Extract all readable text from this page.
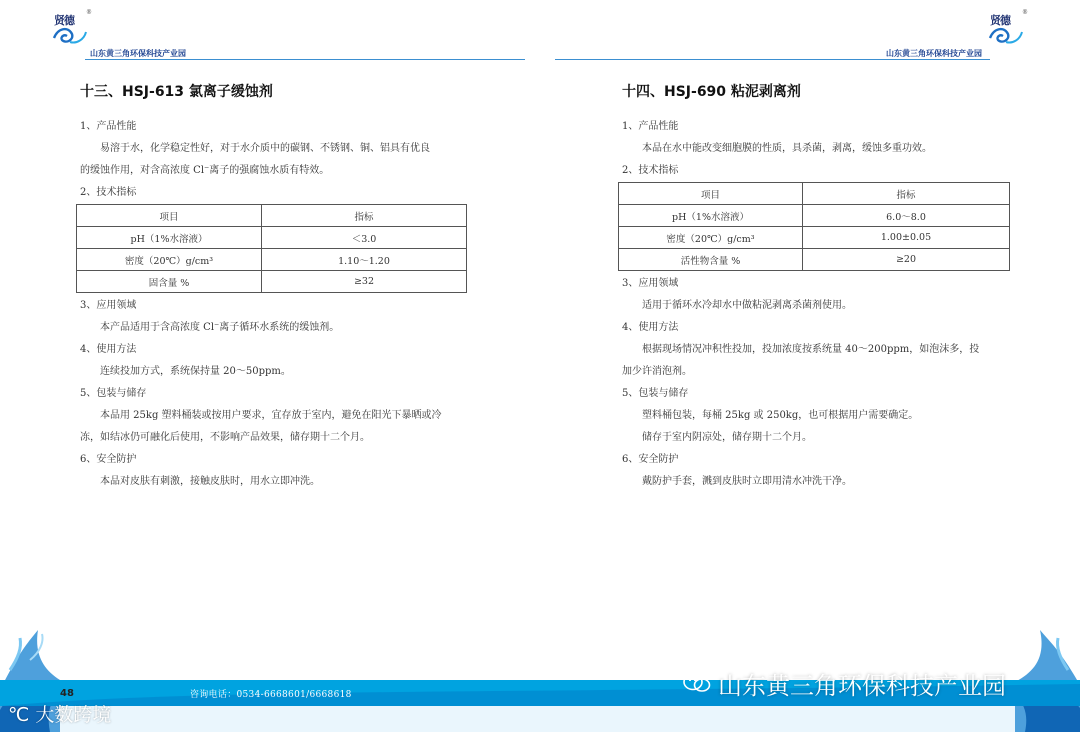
贤德
®
山东黄三角环保科技产业园
贤德
®
山东黄三角环保科技产业园
十三、HSJ-613 氯离子缓蚀剂
1、产品性能
易溶于水，化学稳定性好，对于水介质中的碳钢、不锈钢、铜、铝具有优良
的缓蚀作用，对含高浓度 Cl⁻离子的强腐蚀水质有特效。
2、技术指标
项目	指标
pH（1%水溶液）	＜3.0
密度（20℃）g/cm³	1.10～1.20
固含量 %	≥32
3、应用领域
本产品适用于含高浓度 Cl⁻离子循环水系统的缓蚀剂。
4、使用方法
连续投加方式，系统保持量 20～50ppm。
5、包装与储存
本品用 25kg 塑料桶装或按用户要求，宜存放于室内，避免在阳光下暴晒或冷
冻，如结冰仍可融化后使用，不影响产品效果，储存期十二个月。
6、安全防护
本品对皮肤有刺激，接触皮肤时，用水立即冲洗。
十四、HSJ-690 粘泥剥离剂
1、产品性能
本品在水中能改变细胞膜的性质，具杀菌，剥离，缓蚀多重功效。
2、技术指标
项目	指标
pH（1%水溶液）	6.0～8.0
密度（20℃）g/cm³	1.00±0.05
活性物含量 %	≥20
3、应用领域
适用于循环水冷却水中做粘泥剥离杀菌剂使用。
4、使用方法
根据现场情况冲积性投加，投加浓度按系统量 40～200ppm，如泡沫多，投
加少许消泡剂。
5、包装与储存
塑料桶包装，每桶 25kg 或 250kg，也可根据用户需要确定。
储存于室内阴凉处，储存期十二个月。
6、安全防护
戴防护手套，溅到皮肤时立即用清水冲洗干净。
48	咨询电话：0534-6668601/6668618	山东黄三角环保科技产业园
℃ 大数跨境
